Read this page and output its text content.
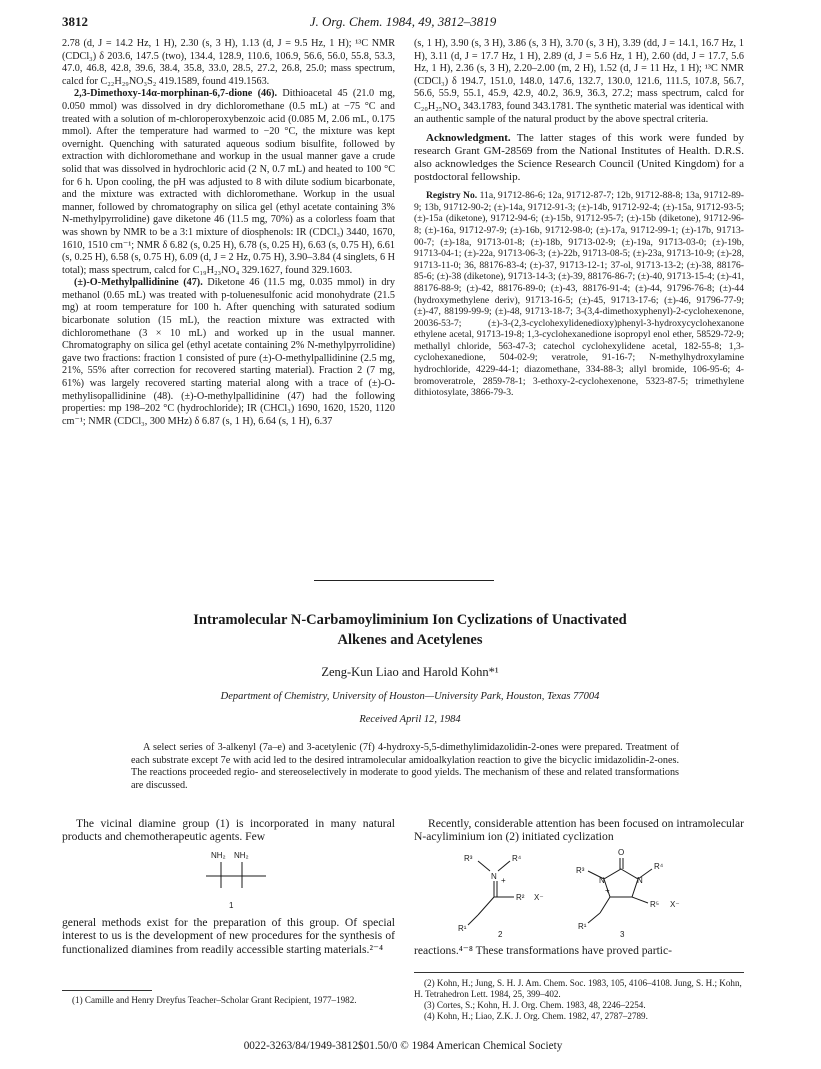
3812	J. Org. Chem. 1984, 49, 3812–3819

2.78 (d, J = 14.2 Hz, 1 H), 2.30 (s, 3 H), 1.13 (d, J = 9.5 Hz, 1 H); ¹³C NMR (CDCl₃) δ 203.6, 147.5 (two), 134.4, 128.9, 110.6, 106.9, 56.6, 56.0, 55.8, 53.3, 47.0, 46.8, 42.8, 39.6, 38.4, 35.8, 33.0, 28.5, 27.2, 26.8, 25.0; mass spectrum, calcd for C₂₂H₂₉NO₃S₂ 419.1589, found 419.1563.

2,3-Dimethoxy-14α-morphinan-6,7-dione (46). Dithioacetal 45 (21.0 mg, 0.050 mmol) was dissolved in dry dichloromethane (0.5 mL) at −75 °C and treated with a solution of m-chloroperoxybenzoic acid (0.085 M, 2.06 mL, 0.175 mmol). After the temperature had warmed to −20 °C, the mixture was kept overnight. Quenching with saturated aqueous sodium bisulfite, followed by extraction with dichloromethane and workup in the usual manner gave a crude solid that was dissolved in hydrochloric acid (2 N, 0.7 mL) and heated to 100 °C for 6 h. Upon cooling, the pH was adjusted to 8 with dilute sodium bicarbonate, and the mixture was extracted with dichloromethane. Workup in the usual manner, followed by chromatography on silica gel (ethyl acetate containing 3% N-methylpyrrolidine) gave diketone 46 (11.5 mg, 70%) as a colorless foam that was shown by NMR to be a 3:1 mixture of diosphenols: IR (CDCl₃) 3440, 1670, 1610, 1510 cm⁻¹; NMR δ 6.82 (s, 0.25 H), 6.78 (s, 0.25 H), 6.63 (s, 0.75 H), 6.61 (s, 0.25 H), 6.58 (s, 0.75 H), 6.09 (d, J = 2 Hz, 0.75 H), 3.90–3.84 (4 singlets, 6 H total); mass spectrum, calcd for C₁₉H₂₃NO₄ 329.1627, found 329.1603.

(±)-O-Methylpallidinine (47). Diketone 46 (11.5 mg, 0.035 mmol) in dry methanol (0.65 mL) was treated with p-toluenesulfonic acid monohydrate (21.5 mg) at room temperature for 100 h. After quenching with saturated sodium bicarbonate solution (15 mL), the reaction mixture was extracted with dichloromethane (3 × 10 mL) and worked up in the usual manner. Chromatography on silica gel (ethyl acetate containing 2% N-methylpyrrolidine) gave two fractions: fraction 1 consisted of pure (±)-O-methylpallidinine (2.5 mg, 21%, 55% after correction for recovered starting material). Fraction 2 (7 mg, 61%) was largely recovered starting material along with a trace of (±)-O-methylisopallidinine (48). (±)-O-methylpallidinine (47) had the following properties: mp 198–202 °C (hydrochloride); IR (CHCl₃) 1690, 1620, 1520, 1120 cm⁻¹; NMR (CDCl₃, 300 MHz) δ 6.87 (s, 1 H), 6.64 (s, 1 H), 6.37

(s, 1 H), 3.90 (s, 3 H), 3.86 (s, 3 H), 3.70 (s, 3 H), 3.39 (dd, J = 14.1, 16.7 Hz, 1 H), 3.11 (d, J = 17.7 Hz, 1 H), 2.89 (d, J = 5.6 Hz, 1 H), 2.60 (dd, J = 17.7, 5.6 Hz, 1 H), 2.36 (s, 3 H), 2.20–2.00 (m, 2 H), 1.52 (d, J = 11 Hz, 1 H); ¹³C NMR (CDCl₃) δ 194.7, 151.0, 148.0, 147.6, 132.7, 130.0, 121.6, 111.5, 107.8, 56.7, 56.6, 55.9, 55.1, 45.9, 42.9, 40.2, 36.9, 36.3, 27.2; mass spectrum, calcd for C₂₀H₂₅NO₄ 343.1783, found 343.1781. The synthetic material was identical with an authentic sample of the natural product by the above spectral criteria.

Acknowledgment. The latter stages of this work were funded by research Grant GM-28569 from the National Institutes of Health. D.R.S. also acknowledges the Science Research Council (United Kingdom) for a postdoctoral fellowship.

Registry No. 11a, 91712-86-6; 12a, 91712-87-7; 12b, 91712-88-8; 13a, 91712-89-9; 13b, 91712-90-2; (±)-14a, 91712-91-3; (±)-14b, 91712-92-4; (±)-15a, 91712-93-5; (±)-15a (diketone), 91712-94-6; (±)-15b, 91712-95-7; (±)-15b (diketone), 91712-96-8; (±)-16a, 91712-97-9; (±)-16b, 91712-98-0; (±)-17a, 91712-99-1; (±)-17b, 91713-00-7; (±)-18a, 91713-01-8; (±)-18b, 91713-02-9; (±)-19a, 91713-03-0; (±)-19b, 91713-04-1; (±)-22a, 91713-06-3; (±)-22b, 91713-08-5; (±)-23a, 91713-10-9; (±)-28, 91713-11-0; 36, 88176-83-4; (±)-37, 91713-12-1; 37-ol, 91713-13-2; (±)-38, 88176-85-6; (±)-38 (diketone), 91713-14-3; (±)-39, 88176-86-7; (±)-40, 91713-15-4; (±)-41, 88176-88-9; (±)-42, 88176-89-0; (±)-43, 88176-91-4; (±)-44, 91796-76-8; (±)-44 (hydroxymethylene deriv), 91713-16-5; (±)-45, 91713-17-6; (±)-46, 91796-77-9; (±)-47, 88199-99-9; (±)-48, 91713-18-7; 3-(3,4-dimethoxyphenyl)-2-cyclohexenone, 20036-53-7; (±)-3-(2,3-cyclohexylidenedioxy)phenyl-3-hydroxycyclohexanone ethylene acetal, 91713-19-8; 1,3-cyclohexanedione isopropyl enol ether, 58529-72-9; methallyl chloride, 563-47-3; catechol cyclohexylidene acetal, 182-55-8; 1,3-cyclohexanedione, 504-02-9; veratrole, 91-16-7; N-methylhydroxylamine hydrochloride, 4229-44-1; diazomethane, 334-88-3; allyl bromide, 106-95-6; 4-bromoveratrole, 2859-78-1; 3-ethoxy-2-cyclohexenone, 5323-87-5; trimethylene dithiotosylate, 3866-79-3.

Intramolecular N-Carbamoyliminium Ion Cyclizations of Unactivated
Alkenes and Acetylenes
Zeng-Kun Liao and Harold Kohn*¹
Department of Chemistry, University of Houston—University Park, Houston, Texas 77004
Received April 12, 1984
A select series of 3-alkenyl (7a–e) and 3-acetylenic (7f) 4-hydroxy-5,5-dimethylimidazolidin-2-ones were prepared. Treatment of each substrate except 7e with acid led to the desired intramolecular amidoalkylation reaction to give the bicyclic imidazolidin-2-ones. The reactions proceeded regio- and stereoselectively in moderate to good yields. The mechanism of these and related transformations are discussed.

The vicinal diamine group (1) is incorporated in many natural products and chemotherapeutic agents. Few

NH₂ NH₂
1

general methods exist for the preparation of this group. Of special interest to us is the development of new procedures for the synthesis of functionalized diamines from readily accessible starting materials.²⁻⁴

Recently, considerable attention has been focused on intramolecular N-acyliminium ion (2) initiated cyclization

R³	R⁴
N +
R² X⁻
R¹
2
O
R³	R⁴
N	N
+
R⁵ X⁻
R¹
3

reactions.⁴⁻⁸ These transformations have proved partic-

(1) Camille and Henry Dreyfus Teacher–Scholar Grant Recipient, 1977–1982.

(2) Kohn, H.; Jung, S. H. J. Am. Chem. Soc. 1983, 105, 4106–4108. Jung, S. H.; Kohn, H. Tetrahedron Lett. 1984, 25, 399–402.

(3) Cortes, S.; Kohn, H. J. Org. Chem. 1983, 48, 2246–2254.

(4) Kohn, H.; Liao, Z.K. J. Org. Chem. 1982, 47, 2787–2789.

0022-3263/84/1949-3812$01.50/0 © 1984 American Chemical Society
